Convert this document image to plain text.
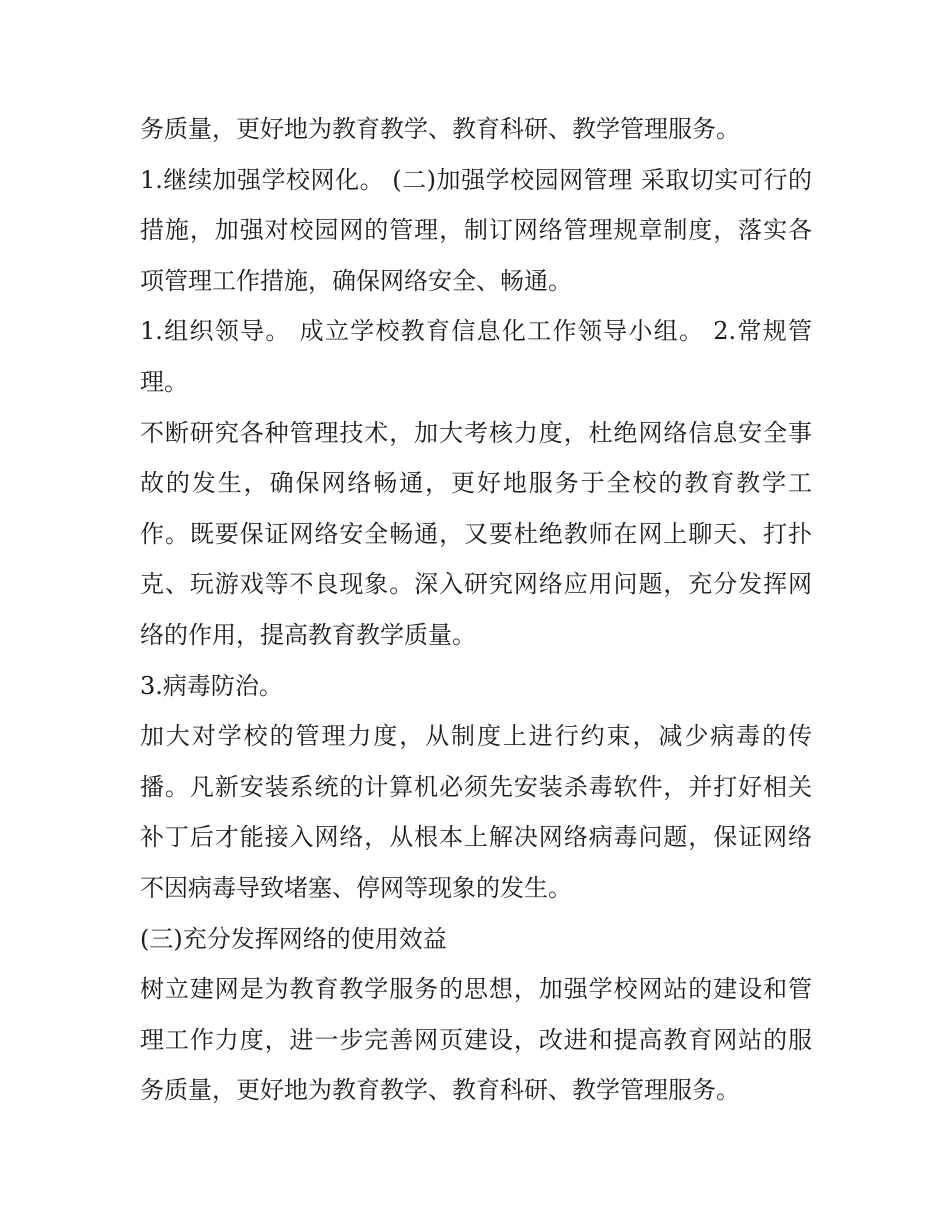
务质量，更好地为教育教学、教育科研、教学管理服务。
1.继续加强学校网化。 (二)加强学校园网管理 采取切实可行的
措施，加强对校园网的管理，制订网络管理规章制度，落实各
项管理工作措施，确保网络安全、畅通。
1.组织领导。 成立学校教育信息化工作领导小组。 2.常规管
理。
不断研究各种管理技术，加大考核力度，杜绝网络信息安全事
故的发生，确保网络畅通，更好地服务于全校的教育教学工
作。既要保证网络安全畅通，又要杜绝教师在网上聊天、打扑
克、玩游戏等不良现象。深入研究网络应用问题，充分发挥网
络的作用，提高教育教学质量。
3.病毒防治。
加大对学校的管理力度，从制度上进行约束，减少病毒的传
播。凡新安装系统的计算机必须先安装杀毒软件，并打好相关
补丁后才能接入网络，从根本上解决网络病毒问题，保证网络
不因病毒导致堵塞、停网等现象的发生。
(三)充分发挥网络的使用效益
树立建网是为教育教学服务的思想，加强学校网站的建设和管
理工作力度，进一步完善网页建设，改进和提高教育网站的服
务质量，更好地为教育教学、教育科研、教学管理服务。
